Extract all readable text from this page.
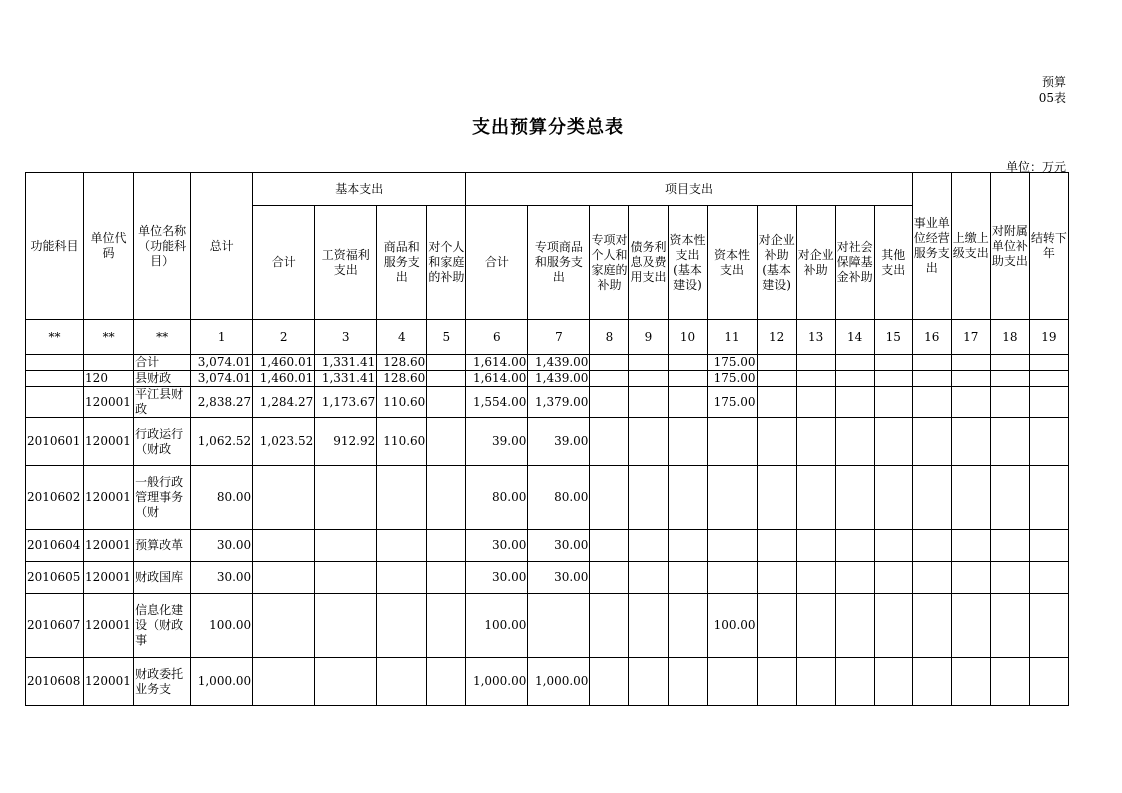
预算
05表
支出预算分类总表
单位：万元
功能科目	单位代码	单位名称（功能科目）	总计	基本支出				项目支出										事业单位经营服务支出	上缴上级支出	对附属单位补助支出	结转下年
				合计	工资福利支出	商品和服务支出	对个人和家庭的补助	合计	专项商品和服务支出	专项对个人和家庭的补助	债务利息及费用支出	资本性支出(基本建设)	资本性支出	对企业补助(基本建设)	对企业补助	对社会保障基金补助	其他支出				
**	**	**	1	2	3	4	5	6	7	8	9	10	11	12	13	14	15	16	17	18	19
		合计	3,074.01	1,460.01	1,331.41	128.60		1,614.00	1,439.00				175.00								
	120	县财政	3,074.01	1,460.01	1,331.41	128.60		1,614.00	1,439.00				175.00								
	120001	平江县财政	2,838.27	1,284.27	1,173.67	110.60		1,554.00	1,379.00				175.00								
2010601	120001	行政运行（财政	1,062.52	1,023.52	912.92	110.60		39.00	39.00												
2010602	120001	一般行政管理事务（财	80.00					80.00	80.00												
2010604	120001	预算改革	30.00					30.00	30.00												
2010605	120001	财政国库	30.00					30.00	30.00												
2010607	120001	信息化建设（财政事	100.00					100.00					100.00								
2010608	120001	财政委托业务支	1,000.00					1,000.00	1,000.00												
